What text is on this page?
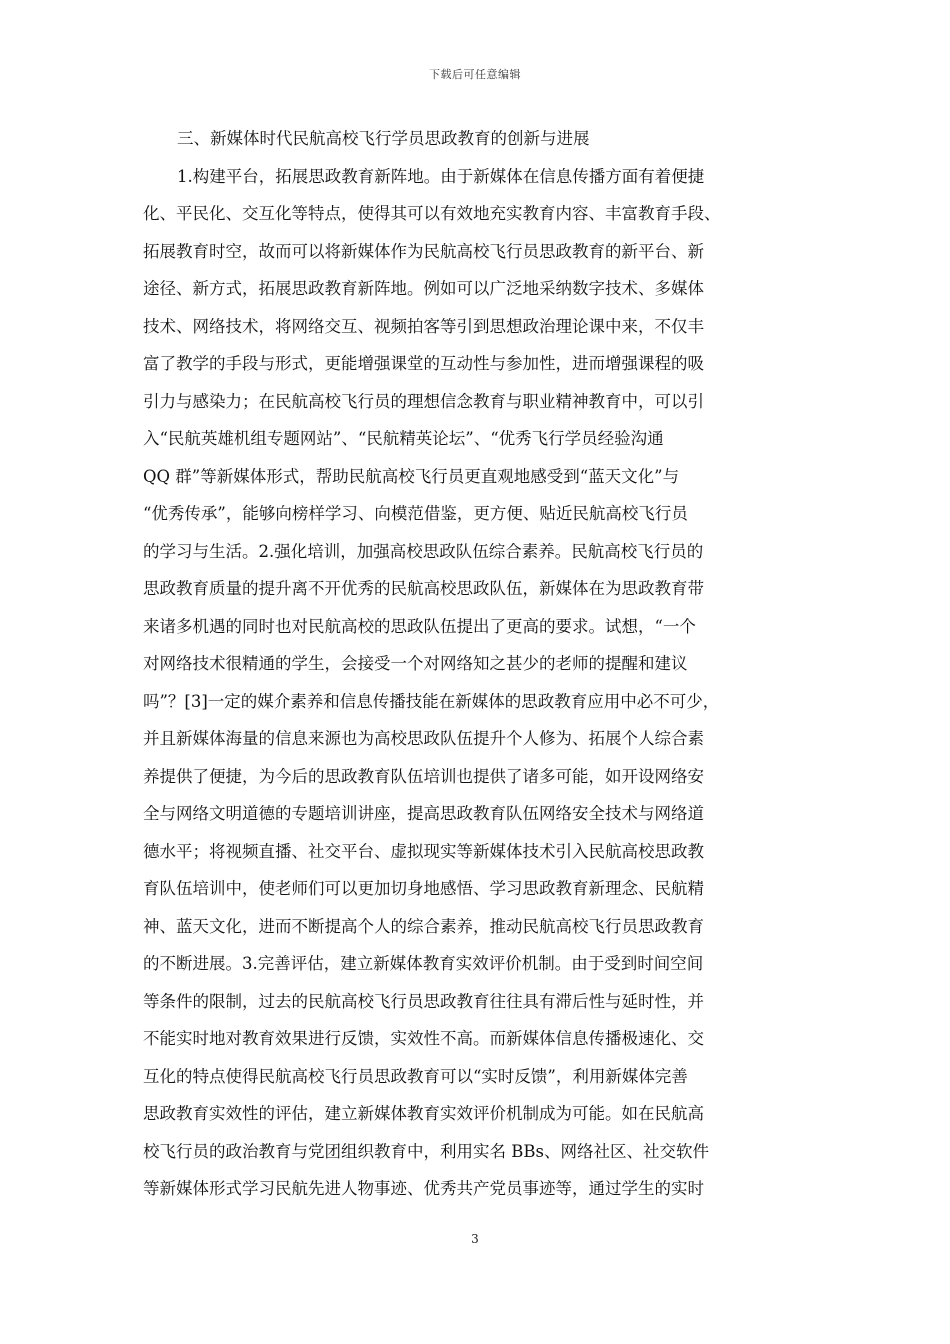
下载后可任意编辑
三、新媒体时代民航高校飞行学员思政教育的创新与进展

1.构建平台，拓展思政教育新阵地。由于新媒体在信息传播方面有着便捷
化、平民化、交互化等特点，使得其可以有效地充实教育内容、丰富教育手段、
拓展教育时空，故而可以将新媒体作为民航高校飞行员思政教育的新平台、新
途径、新方式，拓展思政教育新阵地。例如可以广泛地采纳数字技术、多媒体
技术、网络技术，将网络交互、视频拍客等引到思想政治理论课中来，不仅丰
富了教学的手段与形式，更能增强课堂的互动性与参加性，进而增强课程的吸
引力与感染力；在民航高校飞行员的理想信念教育与职业精神教育中，可以引
入“民航英雄机组专题网站”、“民航精英论坛”、“优秀飞行学员经验沟通
QQ 群”等新媒体形式，帮助民航高校飞行员更直观地感受到“蓝天文化”与
“优秀传承”，能够向榜样学习、向模范借鉴，更方便、贴近民航高校飞行员
的学习与生活。2.强化培训，加强高校思政队伍综合素养。民航高校飞行员的
思政教育质量的提升离不开优秀的民航高校思政队伍，新媒体在为思政教育带
来诸多机遇的同时也对民航高校的思政队伍提出了更高的要求。试想，“一个
对网络技术很精通的学生，会接受一个对网络知之甚少的老师的提醒和建议
吗”？[3]一定的媒介素养和信息传播技能在新媒体的思政教育应用中必不可少，
并且新媒体海量的信息来源也为高校思政队伍提升个人修为、拓展个人综合素
养提供了便捷，为今后的思政教育队伍培训也提供了诸多可能，如开设网络安
全与网络文明道德的专题培训讲座，提高思政教育队伍网络安全技术与网络道
德水平；将视频直播、社交平台、虚拟现实等新媒体技术引入民航高校思政教
育队伍培训中，使老师们可以更加切身地感悟、学习思政教育新理念、民航精
神、蓝天文化，进而不断提高个人的综合素养，推动民航高校飞行员思政教育
的不断进展。3.完善评估，建立新媒体教育实效评价机制。由于受到时间空间
等条件的限制，过去的民航高校飞行员思政教育往往具有滞后性与延时性，并
不能实时地对教育效果进行反馈，实效性不高。而新媒体信息传播极速化、交
互化的特点使得民航高校飞行员思政教育可以“实时反馈”，利用新媒体完善
思政教育实效性的评估，建立新媒体教育实效评价机制成为可能。如在民航高
校飞行员的政治教育与党团组织教育中，利用实名 BBs、网络社区、社交软件
等新媒体形式学习民航先进人物事迹、优秀共产党员事迹等，通过学生的实时

3
